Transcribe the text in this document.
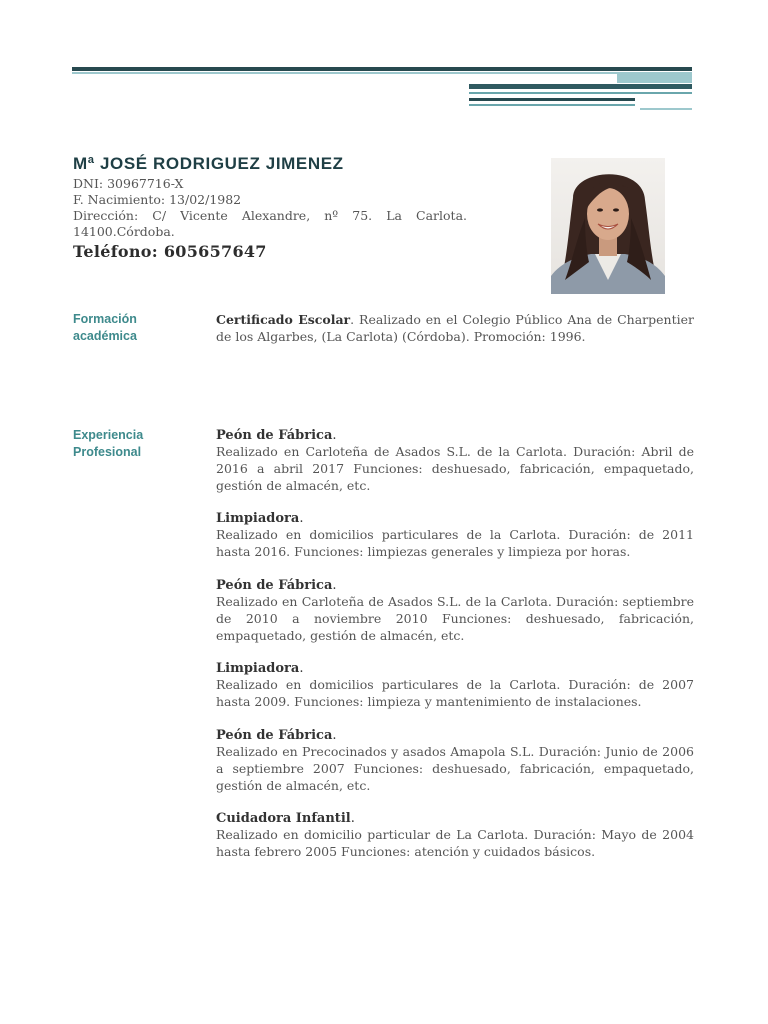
Mª JOSÉ RODRIGUEZ JIMENEZ
DNI: 30967716-X
F. Nacimiento: 13/02/1982
Dirección: C/ Vicente Alexandre, nº 75. La Carlota. 14100.Córdoba.
Teléfono: 605657647
Formación
académica
Certificado Escolar. Realizado en el Colegio Público Ana de Charpentier de los Algarbes, (La Carlota) (Córdoba). Promoción: 1996.
Experiencia
Profesional
Peón de Fábrica.
Realizado en Carloteña de Asados S.L. de la Carlota. Duración: Abril de 2016 a abril 2017 Funciones: deshuesado, fabricación, empaquetado, gestión de almacén, etc.
Limpiadora.
Realizado en domicilios particulares de la Carlota. Duración: de 2011 hasta 2016. Funciones: limpiezas generales y limpieza por horas.
Peón de Fábrica.
Realizado en Carloteña de Asados S.L. de la Carlota. Duración: septiembre de 2010 a noviembre 2010 Funciones: deshuesado, fabricación, empaquetado, gestión de almacén, etc.
Limpiadora.
Realizado en domicilios particulares de la Carlota. Duración: de 2007 hasta 2009. Funciones: limpieza y mantenimiento de instalaciones.
Peón de Fábrica.
Realizado en Precocinados y asados Amapola S.L. Duración: Junio de 2006 a septiembre 2007 Funciones: deshuesado, fabricación, empaquetado, gestión de almacén, etc.
Cuidadora Infantil.
Realizado en domicilio particular de La Carlota. Duración: Mayo de 2004 hasta febrero 2005 Funciones: atención y cuidados básicos.
